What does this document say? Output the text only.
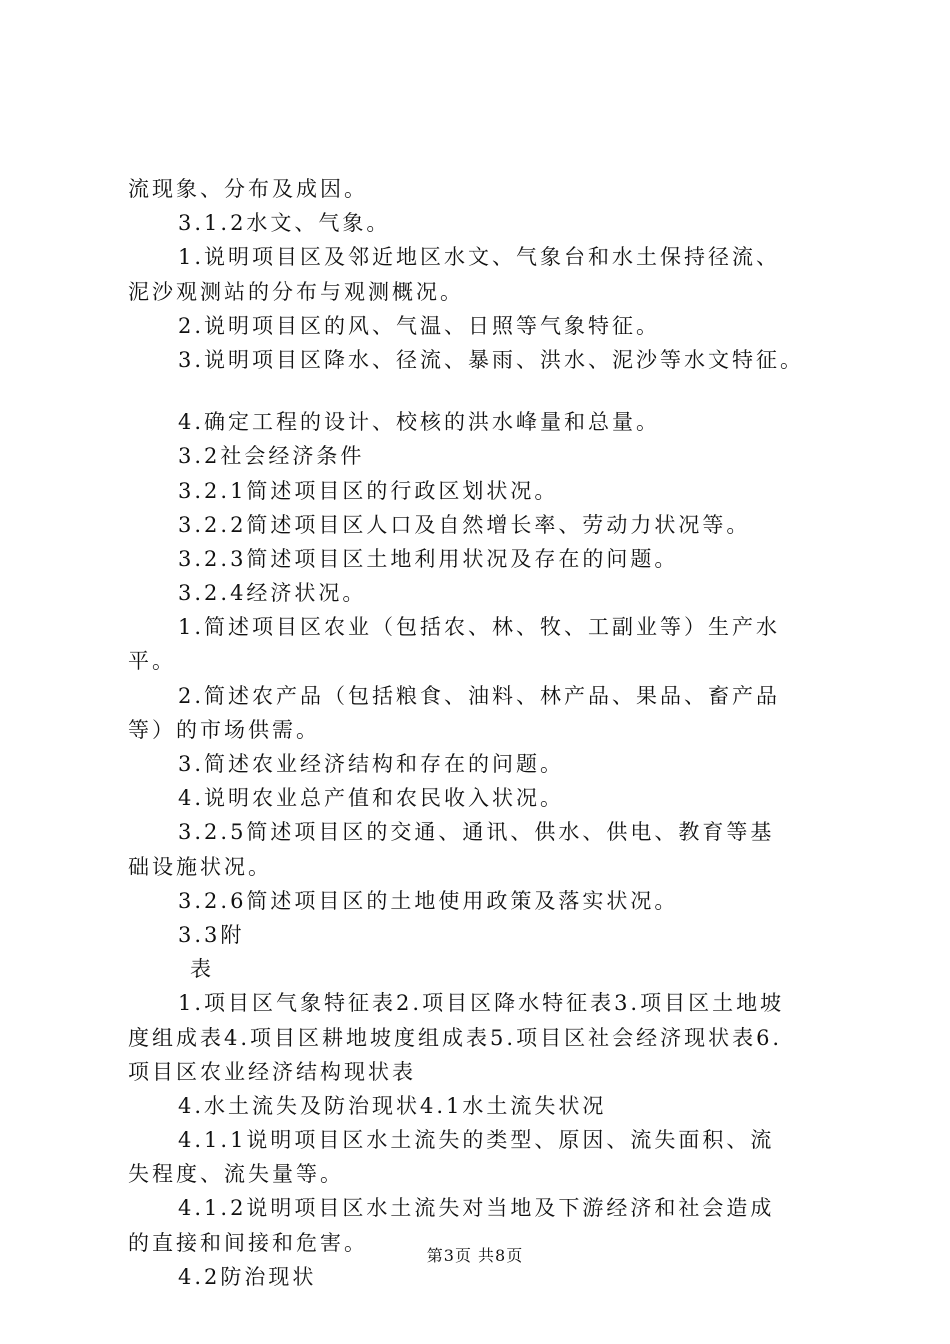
流现象、分布及成因。
3.1.2水文、气象。
1.说明项目区及邻近地区水文、气象台和水土保持径流、
泥沙观测站的分布与观测概况。
2.说明项目区的风、气温、日照等气象特征。
3.说明项目区降水、径流、暴雨、洪水、泥沙等水文特征。
4.确定工程的设计、校核的洪水峰量和总量。
3.2社会经济条件
3.2.1简述项目区的行政区划状况。
3.2.2简述项目区人口及自然增长率、劳动力状况等。
3.2.3简述项目区土地利用状况及存在的问题。
3.2.4经济状况。
1.简述项目区农业（包括农、林、牧、工副业等）生产水
平。
2.简述农产品（包括粮食、油料、林产品、果品、畜产品
等）的市场供需。
3.简述农业经济结构和存在的问题。
4.说明农业总产值和农民收入状况。
3.2.5简述项目区的交通、通讯、供水、供电、教育等基
础设施状况。
3.2.6简述项目区的土地使用政策及落实状况。
3.3附
表
1.项目区气象特征表2.项目区降水特征表3.项目区土地坡
度组成表4.项目区耕地坡度组成表5.项目区社会经济现状表6.
项目区农业经济结构现状表
4.水土流失及防治现状4.1水土流失状况
4.1.1说明项目区水土流失的类型、原因、流失面积、流
失程度、流失量等。
4.1.2说明项目区水土流失对当地及下游经济和社会造成
的直接和间接和危害。
4.2防治现状
第3页 共8页
